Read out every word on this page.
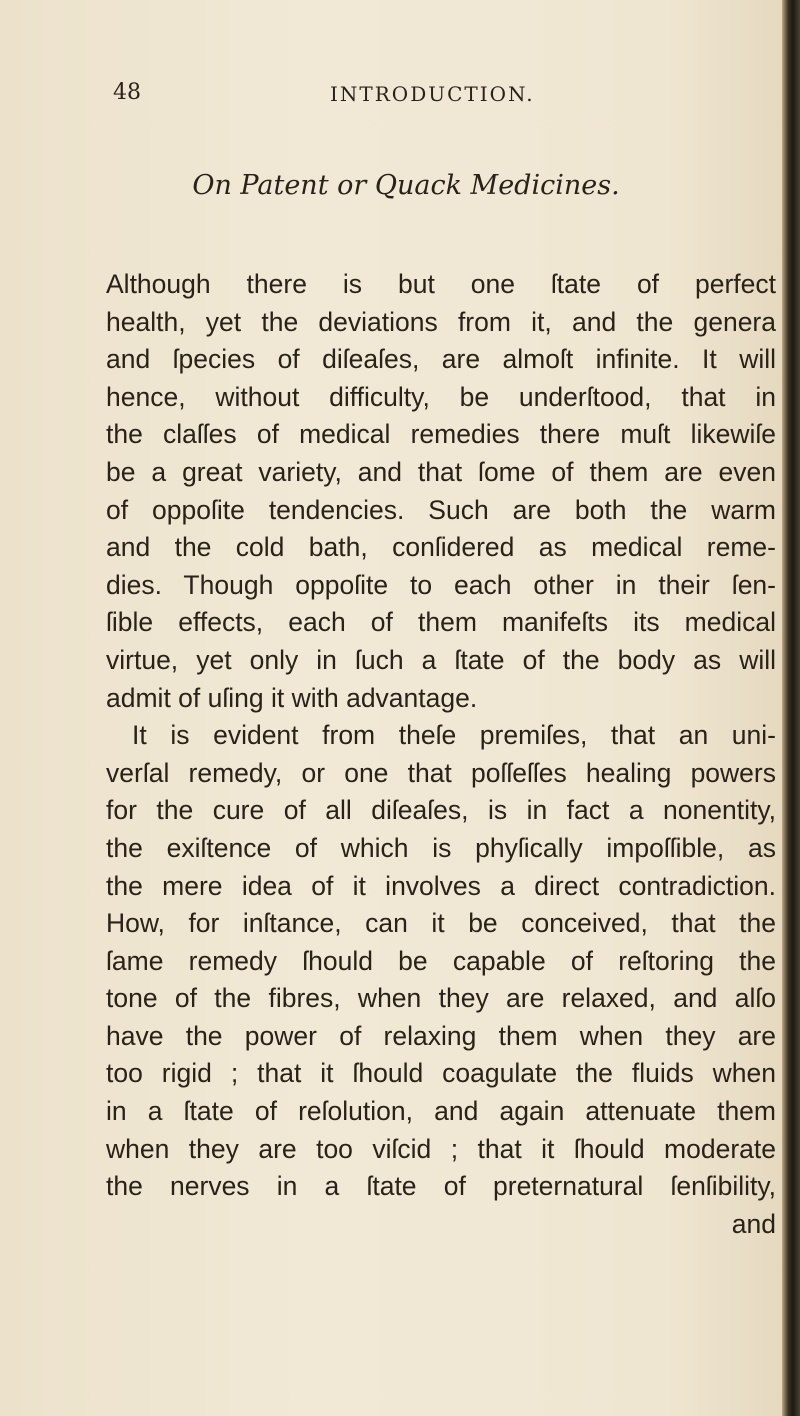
48	INTRODUCTION.
On Patent or Quack Medicines.
Although there is but one ſtate of perfect
health, yet the deviations from it, and the genera
and ſpecies of diſeaſes, are almoſt infinite. It will
hence, without difficulty, be underſtood, that in
the claſſes of medical remedies there muſt likewiſe
be a great variety, and that ſome of them are even
of oppoſite tendencies. Such are both the warm
and the cold bath, conſidered as medical reme-
dies. Though oppoſite to each other in their ſen-
ſible effects, each of them manifeſts its medical
virtue, yet only in ſuch a ſtate of the body as will
admit of uſing it with advantage.
It is evident from theſe premiſes, that an uni-
verſal remedy, or one that poſſeſſes healing powers
for the cure of all diſeaſes, is in fact a nonentity,
the exiſtence of which is phyſically impoſſible, as
the mere idea of it involves a direct contradiction.
How, for inſtance, can it be conceived, that the
ſame remedy ſhould be capable of reſtoring the
tone of the fibres, when they are relaxed, and alſo
have the power of relaxing them when they are
too rigid ; that it ſhould coagulate the fluids when
in a ſtate of reſolution, and again attenuate them
when they are too viſcid ; that it ſhould moderate
the nerves in a ſtate of preternatural ſenſibility,
and
